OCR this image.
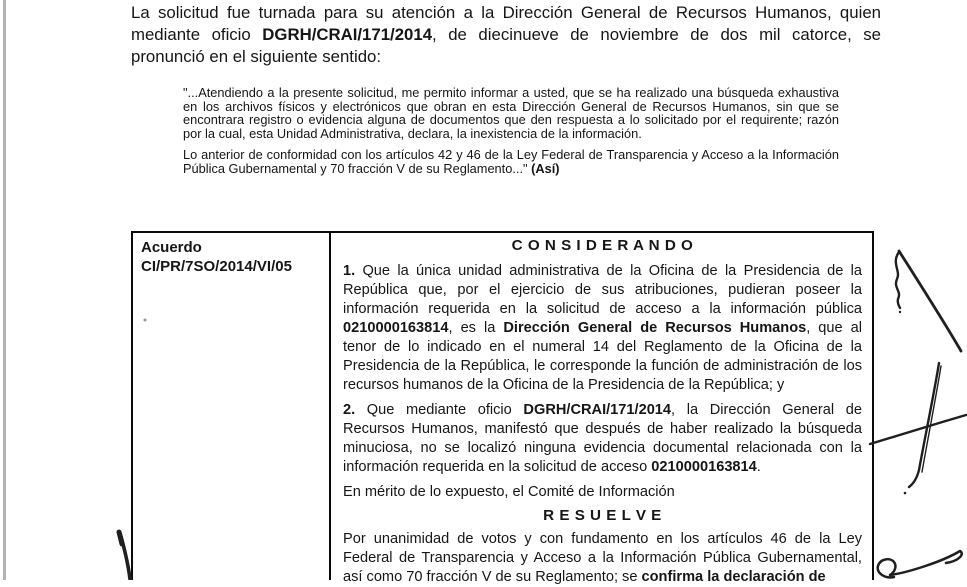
La solicitud fue turnada para su atención a la Dirección General de Recursos Humanos, quien mediante oficio DGRH/CRAI/171/2014, de diecinueve de noviembre de dos mil catorce, se pronunció en el siguiente sentido:

"...Atendiendo a la presente solicitud, me permito informar a usted, que se ha realizado una búsqueda exhaustiva en los archivos físicos y electrónicos que obran en esta Dirección General de Recursos Humanos, sin que se encontrara registro o evidencia alguna de documentos que den respuesta a lo solicitado por el requirente; razón por la cual, esta Unidad Administrativa, declara, la inexistencia de la información.

Lo anterior de conformidad con los artículos 42 y 46 de la Ley Federal de Transparencia y Acceso a la Información Pública Gubernamental y 70 fracción V de su Reglamento..." (Así)

Acuerdo
CI/PR/7SO/2014/VI/05
C O N S I D E R A N D O

1. Que la única unidad administrativa de la Oficina de la Presidencia de la República que, por el ejercicio de sus atribuciones, pudieran poseer la información requerida en la solicitud de acceso a la información pública 0210000163814, es la Dirección General de Recursos Humanos, que al tenor de lo indicado en el numeral 14 del Reglamento de la Oficina de la Presidencia de la República, le corresponde la función de administración de los recursos humanos de la Oficina de la Presidencia de la República; y

2. Que mediante oficio DGRH/CRAI/171/2014, la Dirección General de Recursos Humanos, manifestó que después de haber realizado la búsqueda minuciosa, no se localizó ninguna evidencia documental relacionada con la información requerida en la solicitud de acceso 0210000163814.

En mérito de lo expuesto, el Comité de Información

R E S U E L V E

Por unanimidad de votos y con fundamento en los artículos 46 de la Ley Federal de Transparencia y Acceso a la Información Pública Gubernamental, así como 70 fracción V de su Reglamento; se confirma la declaración de
